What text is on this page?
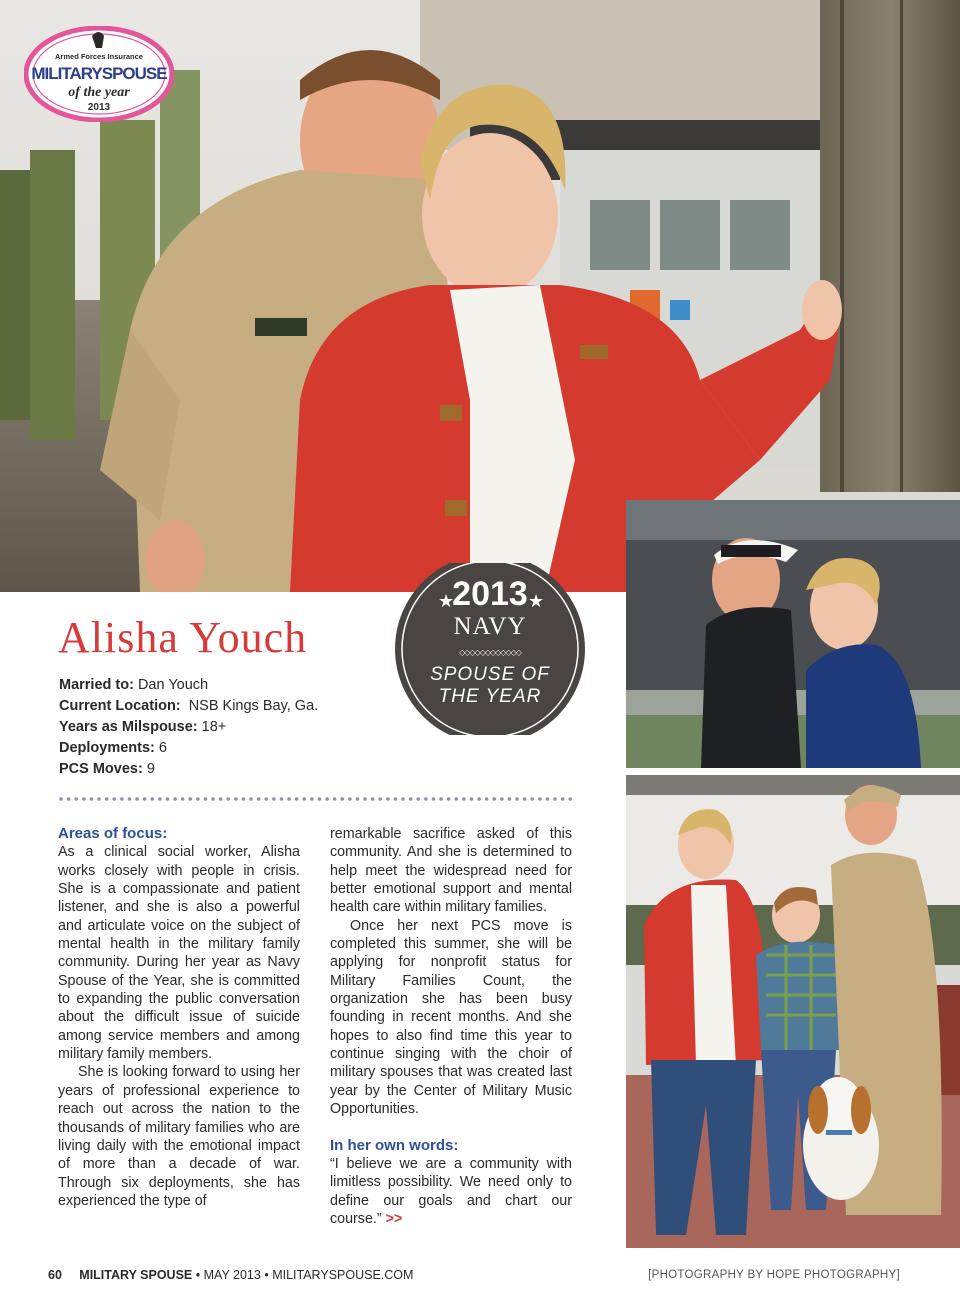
Armed Forces Insurance
MILITARYSPOUSE
of the year
2013
★	★
2013
NAVY
◇◇◇◇◇◇◇◇◇◇◇◇
SPOUSE OF
THE YEAR
Alisha Youch
Married to: Dan Youch
Current Location:  NSB Kings Bay, Ga.
Years as Milspouse: 18+
Deployments: 6
PCS Moves: 9
Areas of focus:

As a clinical social worker, Alisha works closely with people in crisis. She is a compassionate and patient listener, and she is also a powerful and articulate voice on the subject of mental health in the military family community. During her year as Navy Spouse of the Year, she is committed to expanding the public conversation about the difficult issue of suicide among service members and among military family members.

She is looking forward to using her years of professional experience to reach out across the nation to the thousands of military families who are living daily with the emotional impact of more than a decade of war. Through six deployments, she has experienced the type of

remarkable sacrifice asked of this community. And she is determined to help meet the widespread need for better emotional support and mental health care within military families.

Once her next PCS move is completed this summer, she will be applying for nonprofit status for Military Families Count, the organization she has been busy founding in recent months. And she hopes to also find time this year to continue singing with the choir of military spouses that was created last year by the Center of Military Music Opportunities.

In her own words:

“I believe we are a community with limitless possibility. We need only to define our goals and chart our course.” >>

60 MILITARY SPOUSE • MAY 2013 • MILITARYSPOUSE.COM	[PHOTOGRAPHY BY HOPE PHOTOGRAPHY]
